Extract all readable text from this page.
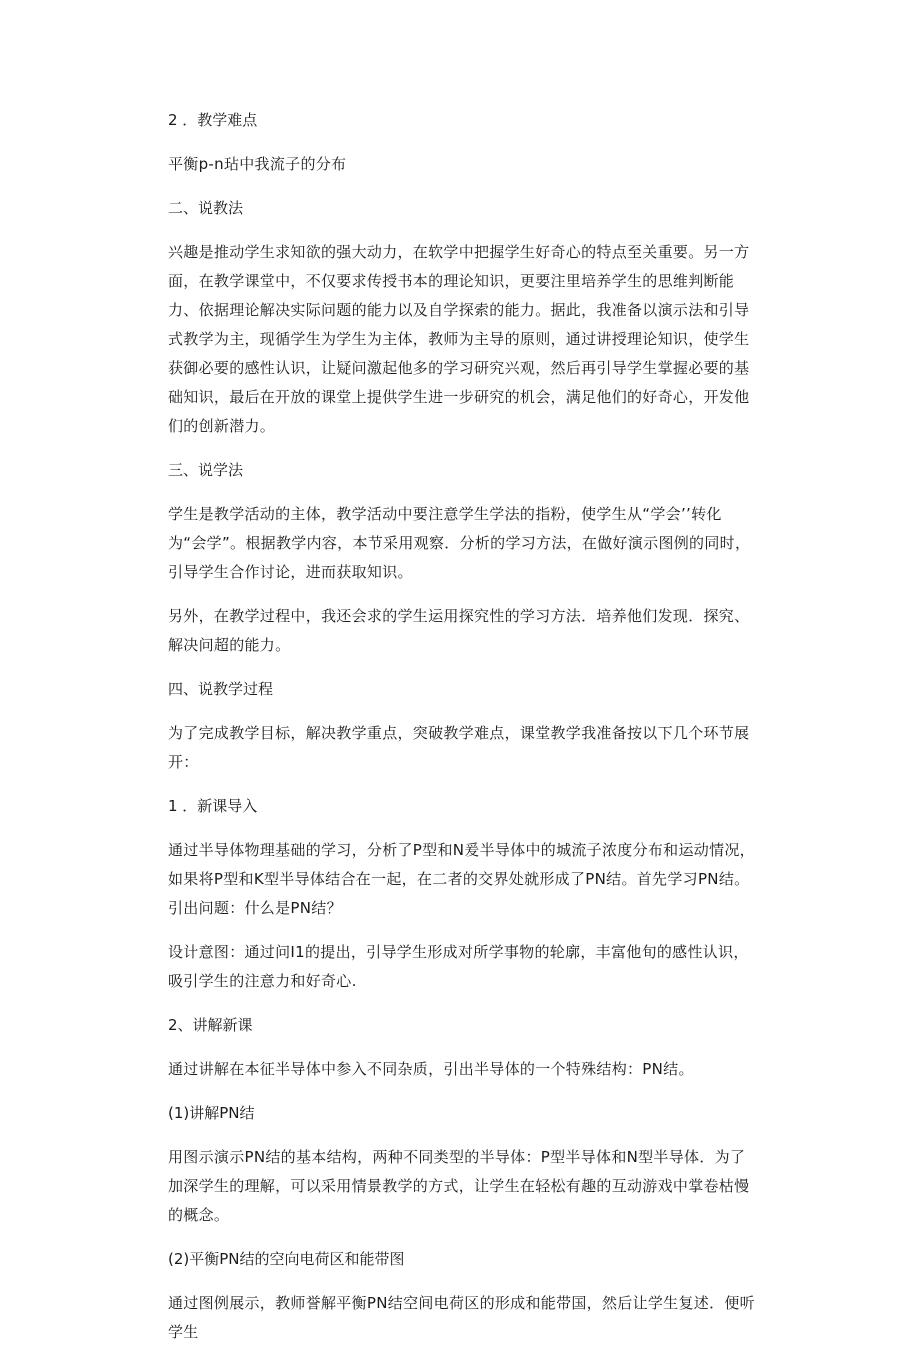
2 ．教学难点
平衡p-n玷中我流子的分布
二、说教法
兴趣是推动学生求知欲的强大动力，在软学中把握学生好奇心的特点至关重要。另一方面，在教学课堂中，不仅要求传授书本的理论知识，更要注里培养学生的思维判断能力、依据理论解决实际问题的能力以及自学探索的能力。据此，我准备以演示法和引导式教学为主，现循学生为学生为主体，教师为主导的原则，通过讲授理论知识，使学生获御必要的感性认识，让疑问激起他多的学习研究兴观，然后再引导学生掌握必要的基础知识，最后在开放的课堂上提供学生进一步研究的机会，满足他们的好奇心，开发他们的创新潜力。
三、说学法
学生是教学活动的主体，教学活动中要注意学生学法的指粉，使学生从“学会’’转化为“会学”。根据教学内容，本节采用观察．分析的学习方法，在做好演示图例的同时，引导学生合作讨论，进而获取知识。
另外，在教学过程中，我还会求的学生运用探究性的学习方法．培养他们发现．探究、解决问超的能力。
四、说教学过程
为了完成教学目标，解决教学重点，突破教学难点，课堂教学我准备按以下几个环节展开：
1 ．新课导入
通过半导体物理基础的学习，分析了P型和N爰半导体中的城流子浓度分布和运动情况，如果将P型和K型半导体结合在一起，在二者的交界处就形成了PN结。首先学习PN结。引出问题：什么是PN结？
设计意图：通过问I1的提出，引导学生形成对所学事物的轮廓，丰富他旬的感性认识，吸引学生的注意力和好奇心.
2、讲解新课
通过讲解在本征半导体中参入不同杂质，引出半导体的一个特殊结构：PN结。
(1)讲解PN结
用图示演示PN结的基本结构，两种不同类型的半导体：P型半导体和N型半导体．为了加深学生的理解，可以采用情景教学的方式，让学生在轻松有趣的互动游戏中掌卷枯慢的概念。
(2)平衡PN结的空向电荷区和能带图
通过图例展示，教师誉解平衡PN结空间电荷区的形成和能带国，然后让学生复述．便听学生
